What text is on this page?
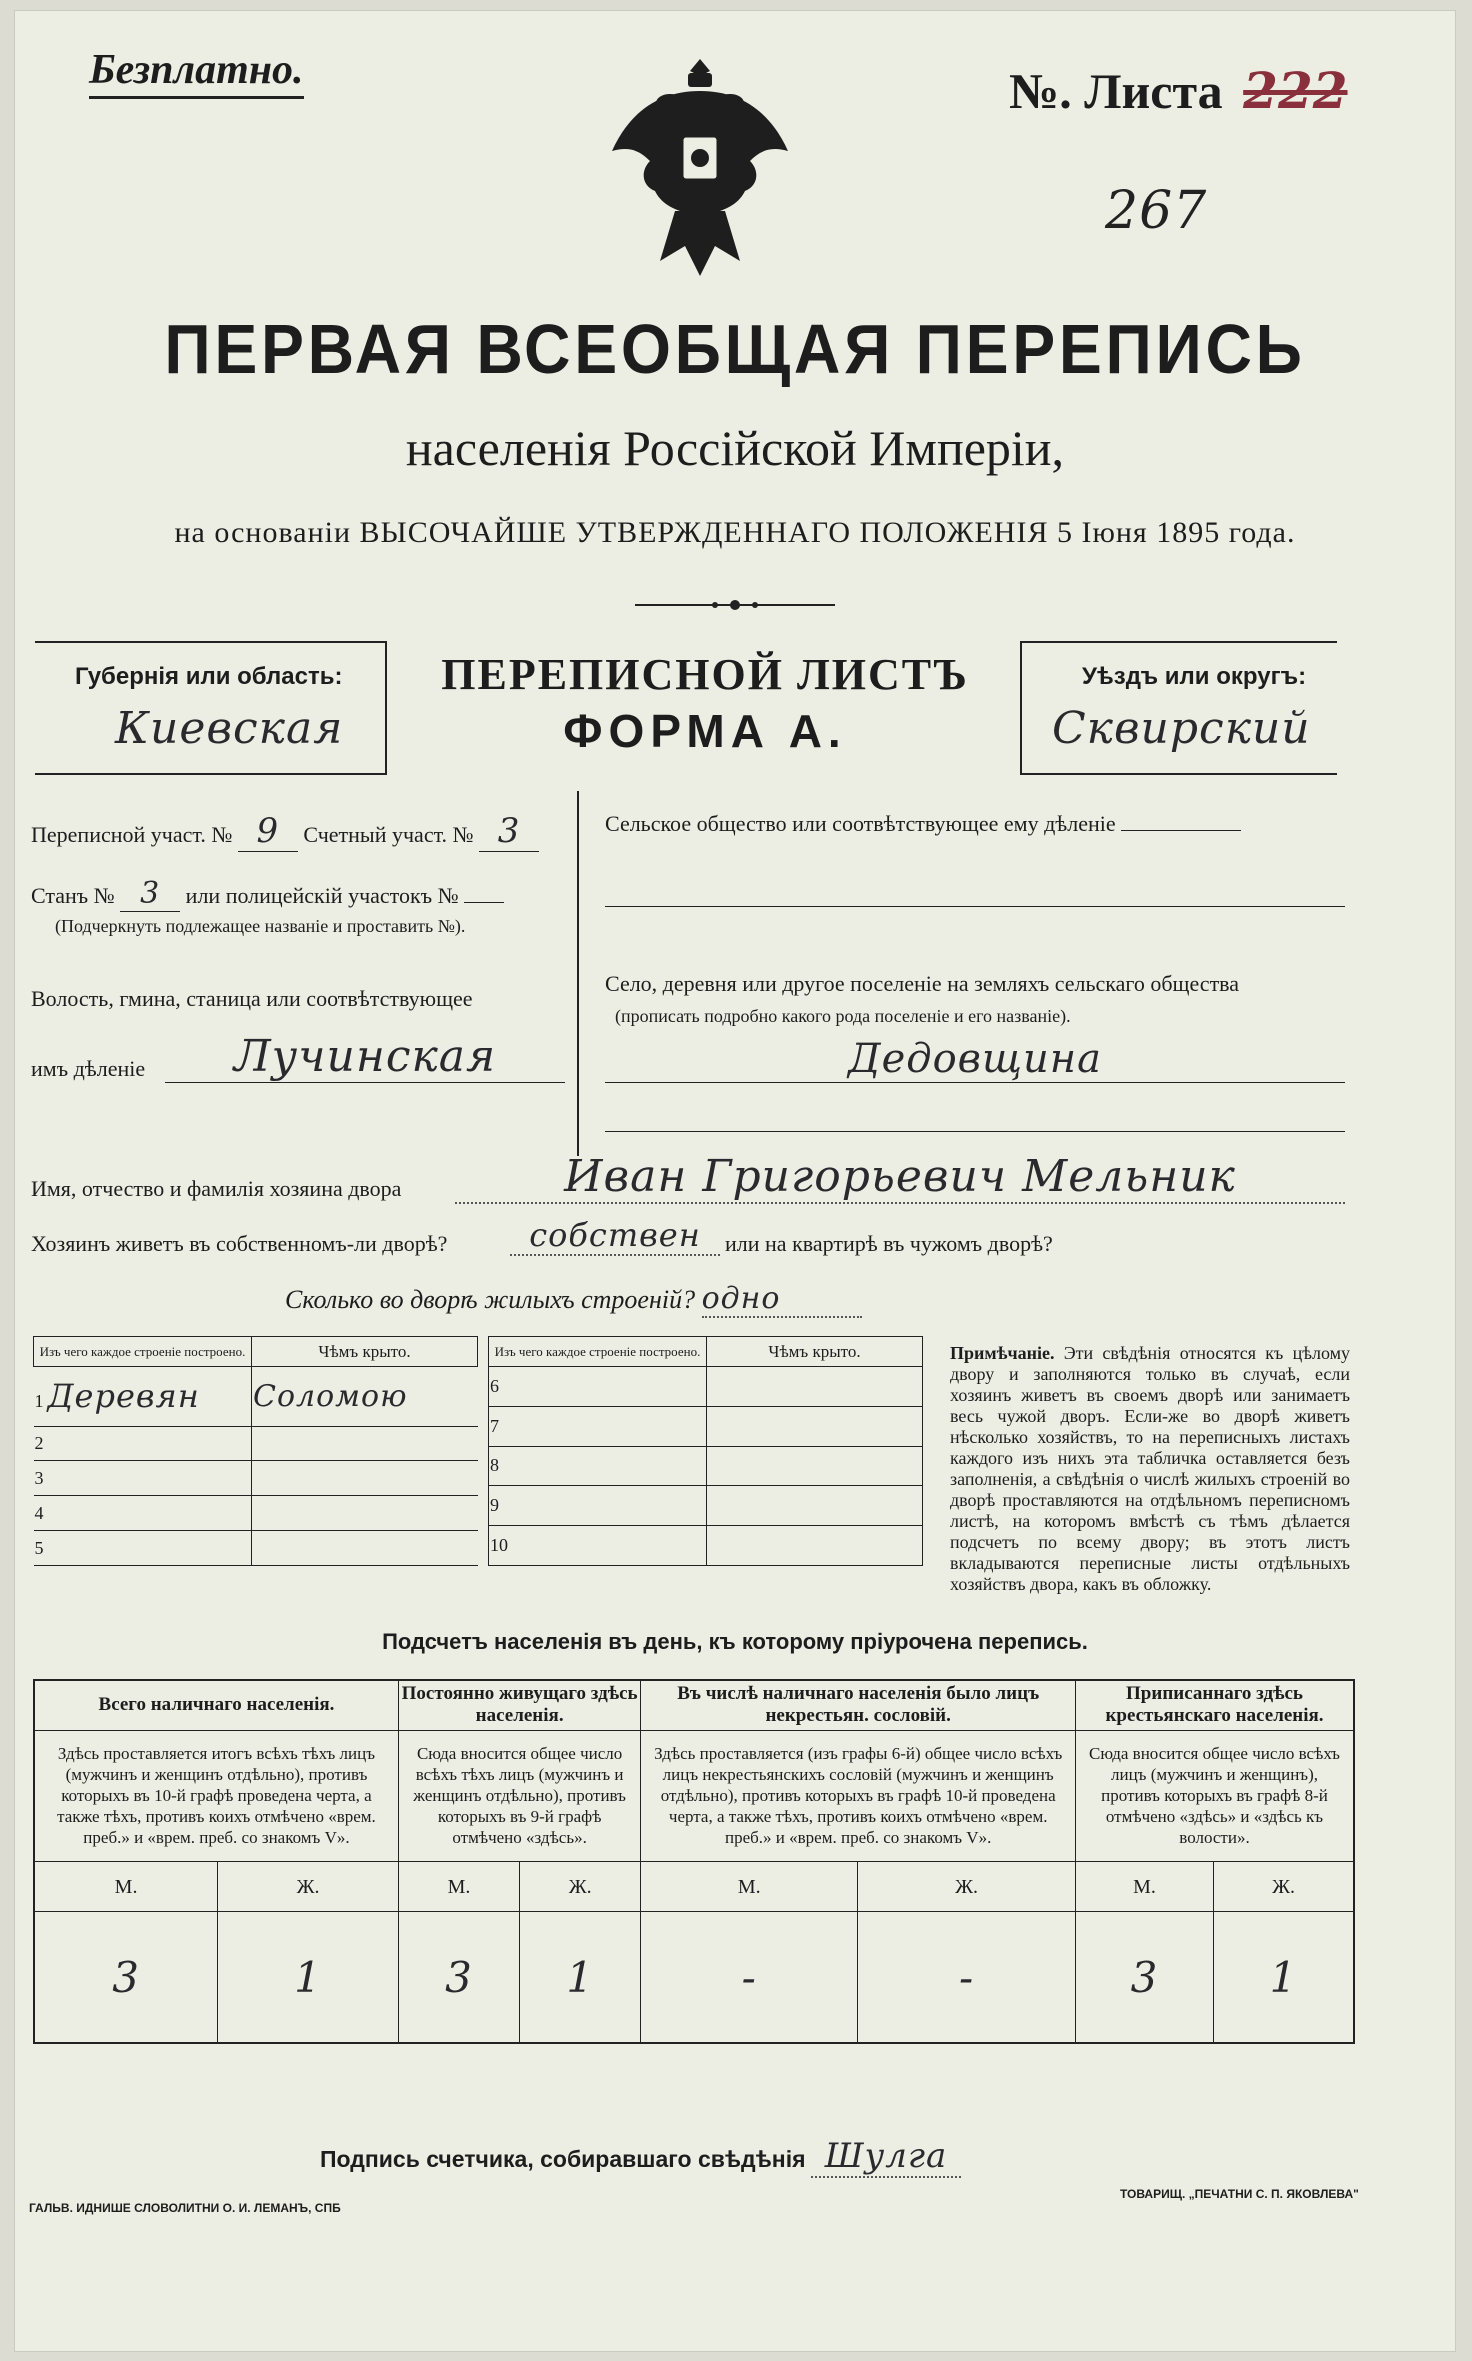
Безплатно.	№. Листа 222
267
ПЕРВАЯ ВСЕОБЩАЯ ПЕРЕПИСЬ
населенія Россійской Имперіи,
на основаніи ВЫСОЧАЙШЕ УТВЕРЖДЕННАГО ПОЛОЖЕНІЯ 5 Іюня 1895 года.
Губернія или область:
Киевская
ПЕРЕПИСНОЙ ЛИСТЪ
ФОРМА А.
Уѣздъ или округъ:
Сквирский
Переписной участ. № 9 Счетный участ. № 3
Станъ № 3 или полицейскій участокъ №
(Подчеркнуть подлежащее названіе и проставить №).
Волость, гмина, станица или соотвѣтствующее
имъ дѣленіе	Лучинская
Сельское общество или соотвѣтствующее ему дѣленіе
Село, деревня или другое поселеніе на земляхъ сельскаго общества
(прописать подробно какого рода поселеніе и его названіе).
Дедовщина
Имя, отчество и фамилія хозяина двора	Иван Григорьевич Мельник
Хозяинъ живетъ въ собственномъ-ли дворѣ?	собствен	или на квартирѣ въ чужомъ дворѣ?
Сколько во дворѣ жилыхъ строеній? одно
Изъ чего каждое строеніе построено.	Чѣмъ крыто.
1 Деревян	Соломою
2	
3	
4	
5	
Изъ чего каждое строеніе построено.	Чѣмъ крыто.
6	
7	
8	
9	
10	
Примѣчаніе. Эти свѣдѣнія относятся къ цѣлому двору и заполняются только въ случаѣ, если хозяинъ живетъ въ своемъ дворѣ или занимаетъ весь чужой дворъ. Если-же во дворѣ живетъ нѣсколько хозяйствъ, то на переписныхъ листахъ каждого изъ нихъ эта табличка оставляется безъ заполненія, а свѣдѣнія о числѣ жилыхъ строеній во дворѣ проставляются на отдѣльномъ переписномъ листѣ, на которомъ вмѣстѣ съ тѣмъ дѣлается подсчетъ по всему двору; въ этотъ листъ вкладываются переписные листы отдѣльныхъ хозяйствъ двора, какъ въ обложку.
Подсчетъ населенія въ день, къ которому пріурочена перепись.
Всего наличнаго населенія.		Постоянно живущаго здѣсь населенія.		Въ числѣ наличнаго населенія было лицъ некрестьян. сословій.		Приписаннаго здѣсь крестьянскаго населенія.	
Здѣсь проставляется итогъ всѣхъ тѣхъ лицъ (мужчинъ и женщинъ отдѣльно), противъ которыхъ въ 10-й графѣ проведена черта, а также тѣхъ, противъ коихъ отмѣчено «врем. преб.» и «врем. преб. со знакомъ V».		Сюда вносится общее число всѣхъ тѣхъ лицъ (мужчинъ и женщинъ отдѣльно), противъ которыхъ въ 9-й графѣ отмѣчено «здѣсь».		Здѣсь проставляется (изъ графы 6-й) общее число всѣхъ лицъ некрестьянскихъ сословій (мужчинъ и женщинъ отдѣльно), противъ которыхъ въ графѣ 10-й проведена черта, а также тѣхъ, противъ коихъ отмѣчено «врем. преб.» и «врем. преб. со знакомъ V».		Сюда вносится общее число всѣхъ лицъ (мужчинъ и женщинъ), противъ которыхъ въ графѣ 8-й отмѣчено «здѣсь» и «здѣсь къ волости».	
М.	Ж.	М.	Ж.	М.	Ж.	М.	Ж.
3	1	3	1	-	-	3	1
Подпись счетчика, собиравшаго свѣдѣнія Шулга
ГАЛЬВ. ИДНИШЕ СЛОВОЛИТНИ О. И. ЛЕМАНЪ, СПБ
ТОВАРИЩ. „ПЕЧАТНИ С. П. ЯКОВЛЕВА"
